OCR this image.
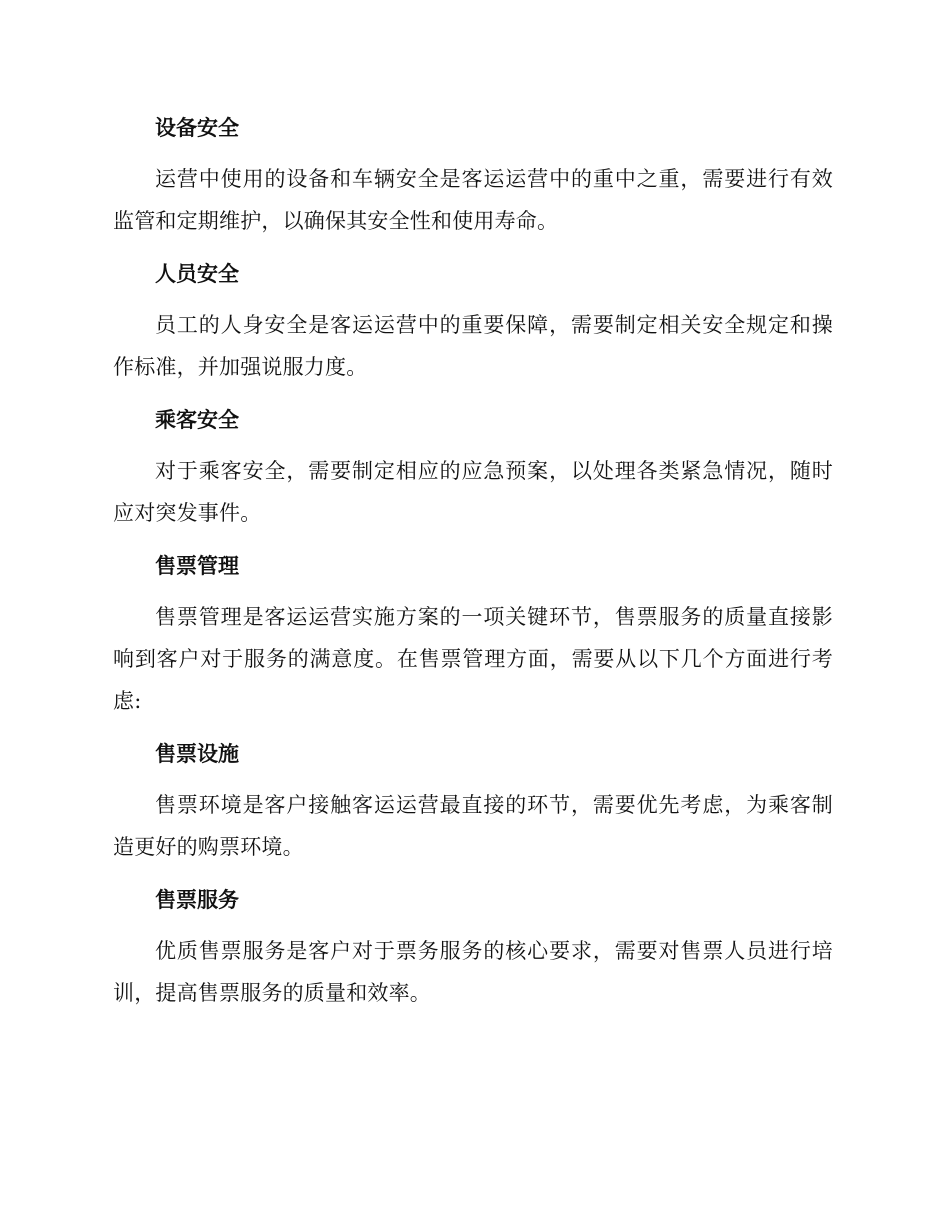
设备安全
运营中使用的设备和车辆安全是客运运营中的重中之重，需要进行有效监管和定期维护，以确保其安全性和使用寿命。
人员安全
员工的人身安全是客运运营中的重要保障，需要制定相关安全规定和操作标准，并加强说服力度。
乘客安全
对于乘客安全，需要制定相应的应急预案，以处理各类紧急情况，随时应对突发事件。
售票管理
售票管理是客运运营实施方案的一项关键环节，售票服务的质量直接影响到客户对于服务的满意度。在售票管理方面，需要从以下几个方面进行考虑:
售票设施
售票环境是客户接触客运运营最直接的环节，需要优先考虑，为乘客制造更好的购票环境。
售票服务
优质售票服务是客户对于票务服务的核心要求，需要对售票人员进行培训，提高售票服务的质量和效率。
